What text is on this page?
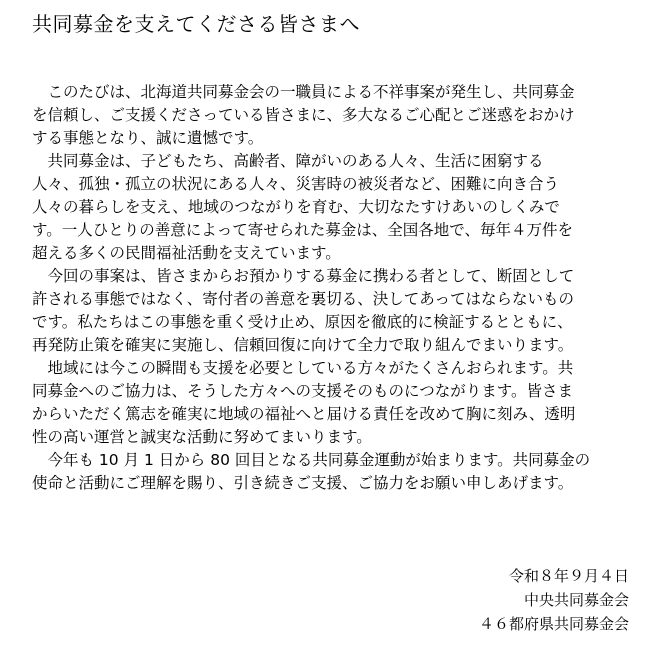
共同募金を支えてくださる皆さまへ

　このたびは、北海道共同募金会の一職員による不祥事案が発生し、共同募金
を信頼し、ご支援くださっている皆さまに、多大なるご心配とご迷惑をおかけ
する事態となり、誠に遺憾です。

　共同募金は、子どもたち、高齢者、障がいのある人々、生活に困窮する
人々、孤独・孤立の状況にある人々、災害時の被災者など、困難に向き合う
人々の暮らしを支え、地域のつながりを育む、大切なたすけあいのしくみで
す。一人ひとりの善意によって寄せられた募金は、全国各地で、毎年４万件を
超える多くの民間福祉活動を支えています。

　今回の事案は、皆さまからお預かりする募金に携わる者として、断固として
許される事態ではなく、寄付者の善意を裏切る、決してあってはならないもの
です。私たちはこの事態を重く受け止め、原因を徹底的に検証するとともに、
再発防止策を確実に実施し、信頼回復に向けて全力で取り組んでまいります。

　地域には今この瞬間も支援を必要としている方々がたくさんおられます。共
同募金へのご協力は、そうした方々への支援そのものにつながります。皆さま
からいただく篤志を確実に地域の福祉へと届ける責任を改めて胸に刻み、透明
性の高い運営と誠実な活動に努めてまいります。

　今年も 10 月 1 日から 80 回目となる共同募金運動が始まります。共同募金の
使命と活動にご理解を賜り、引き続きご支援、ご協力をお願い申しあげます。

令和８年９月４日
中央共同募金会
４６都府県共同募金会
